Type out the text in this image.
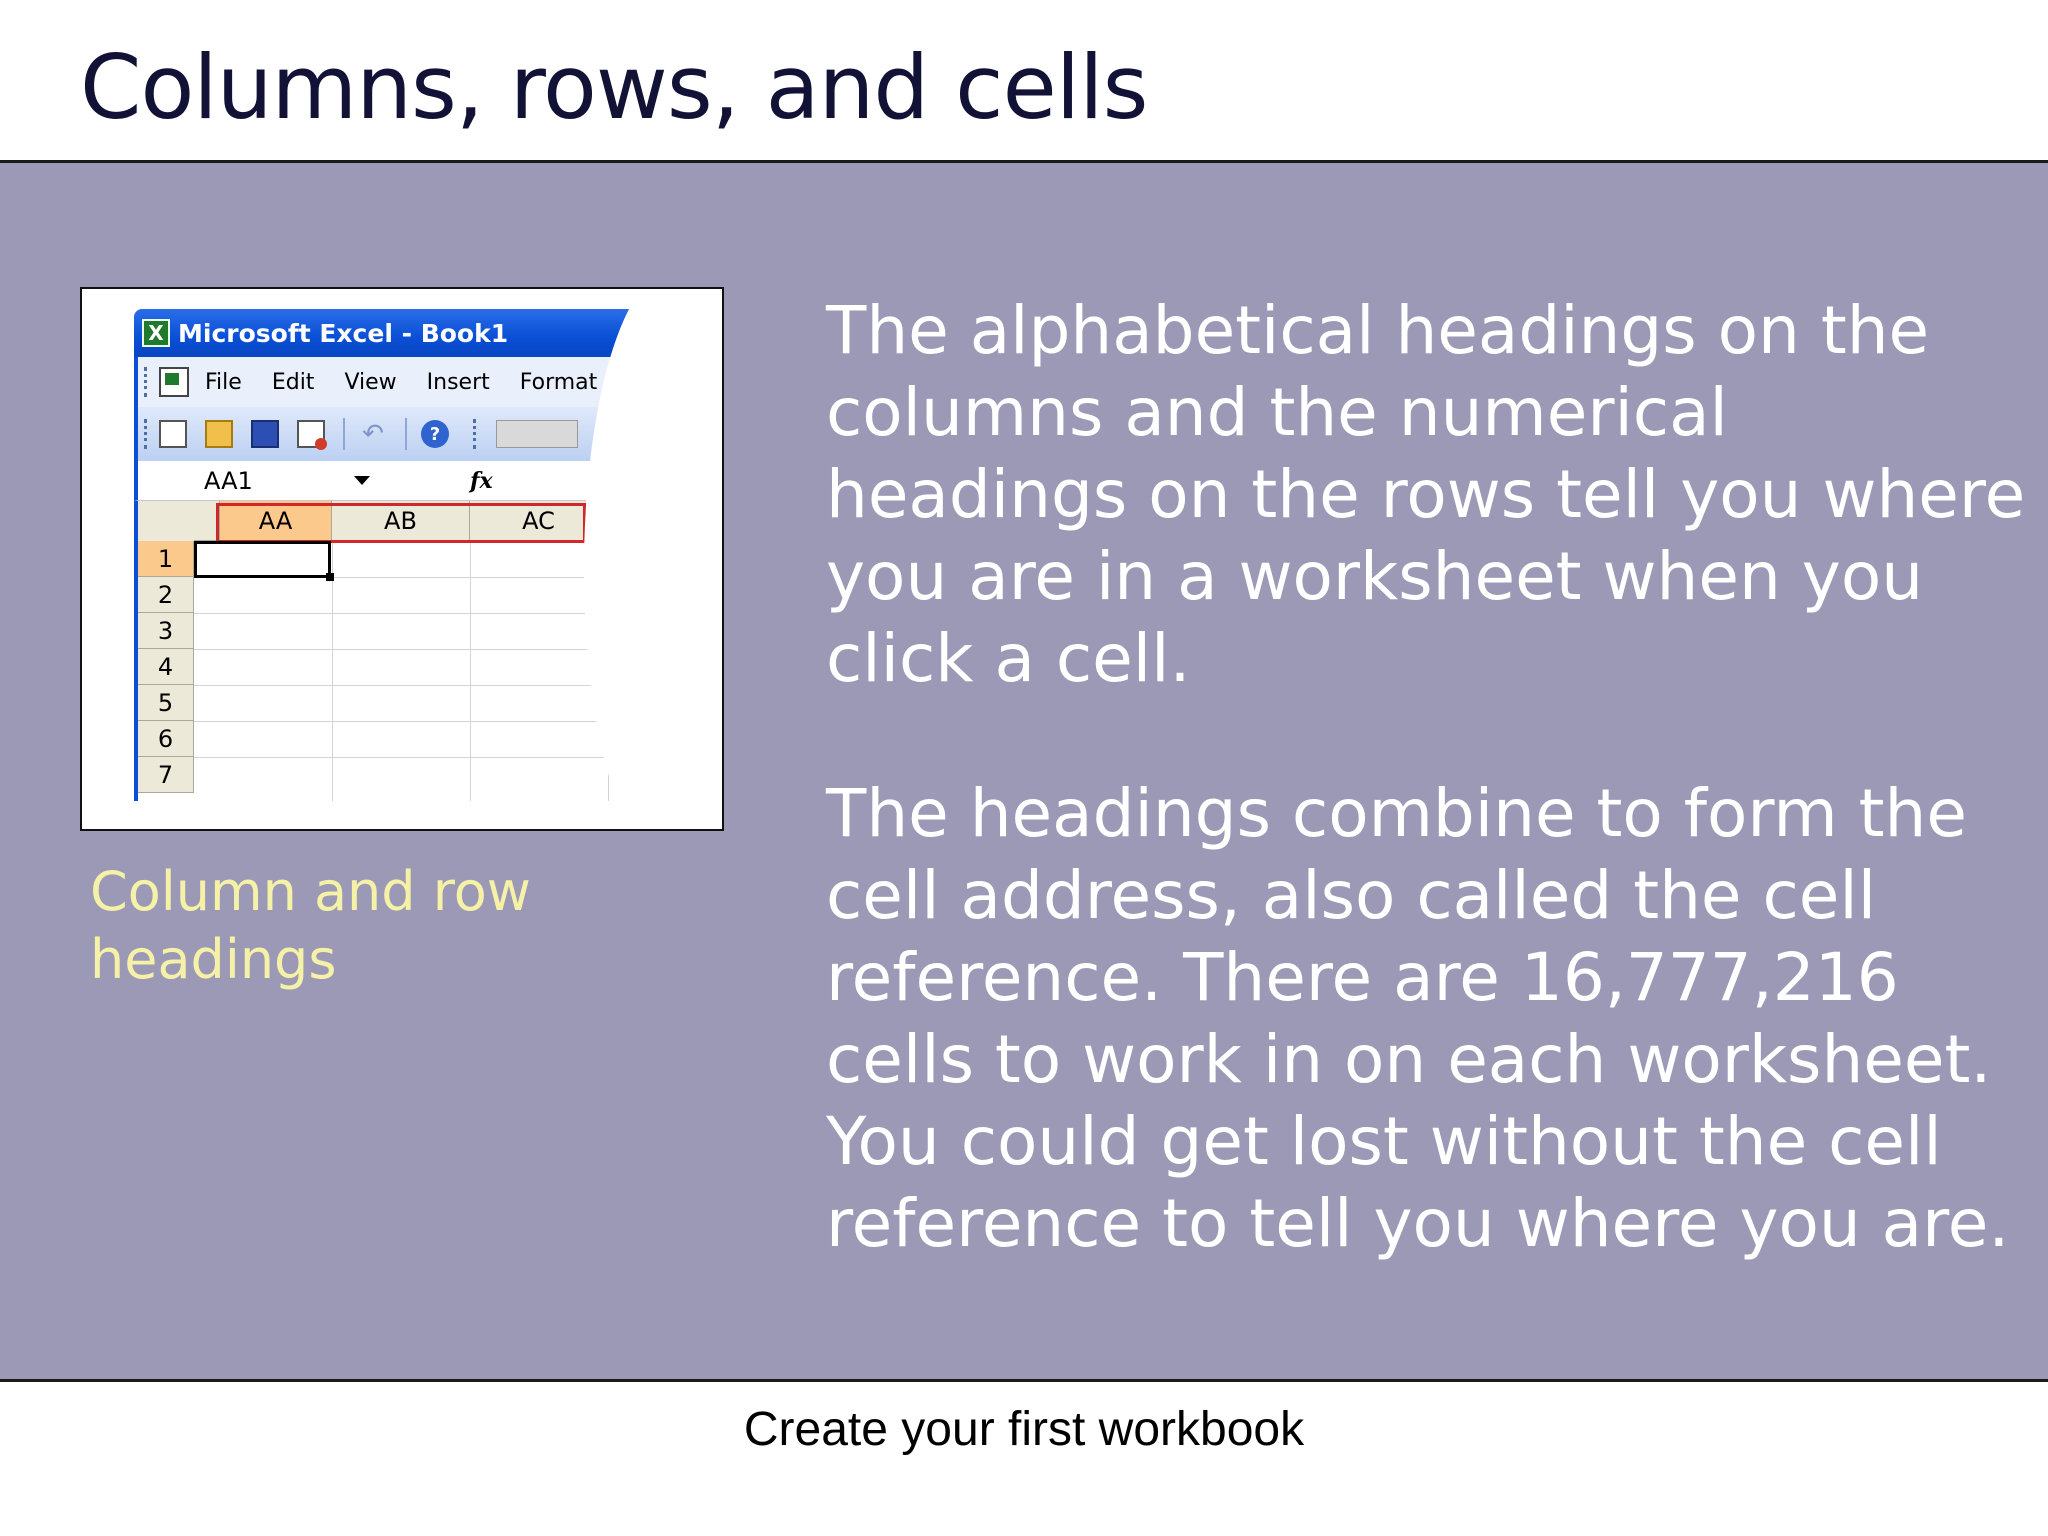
Columns, rows, and cells
X Microsoft Excel - Book1
File Edit View Insert Format
↶	?
AA1	fx
AA	AB	AC
1
2
3
4
5
6
7
Column and row headings

The alphabetical headings on the columns and the numerical headings on the rows tell you where you are in a worksheet when you click a cell.

The headings combine to form the cell address, also called the cell reference. There are 16,777,216 cells to work in on each worksheet. You could get lost without the cell reference to tell you where you are.

Create your first workbook
